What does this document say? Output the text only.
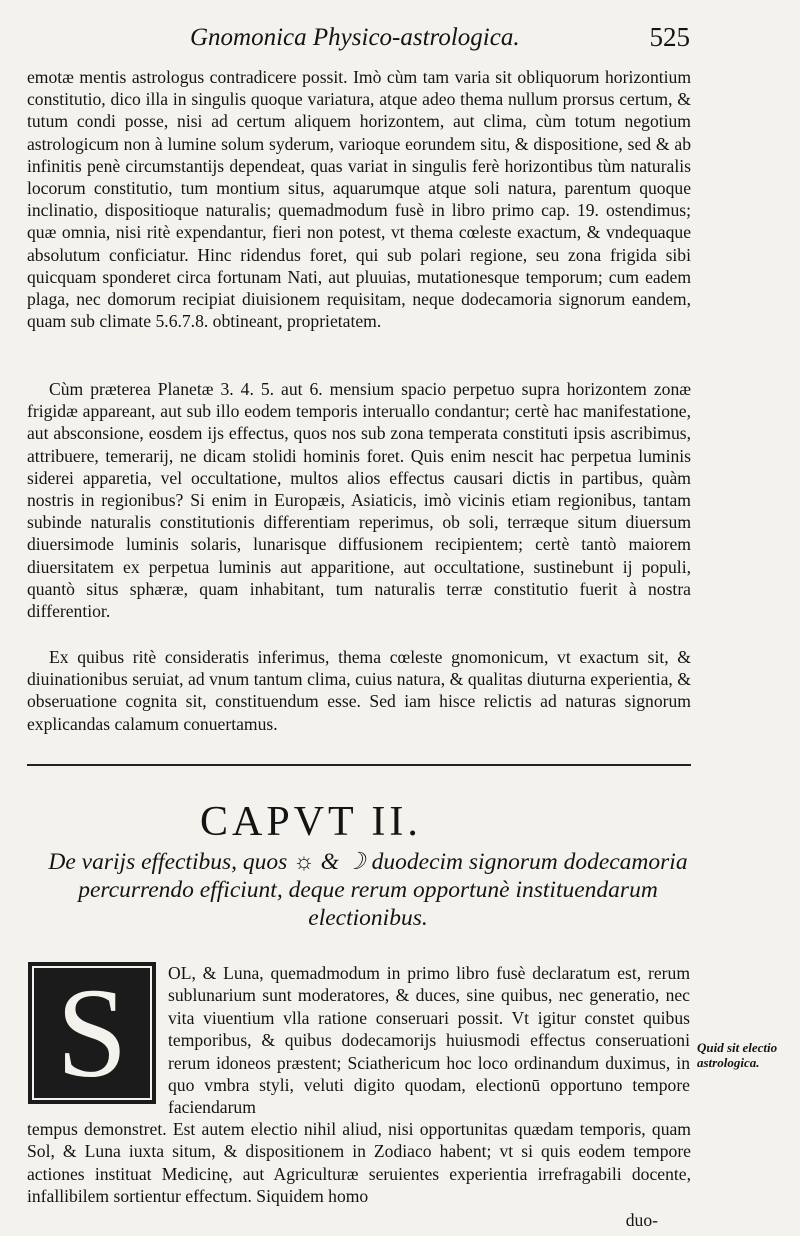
Gnomonica Physico-astrologica.	525

emotæ mentis astrologus contradicere possit. Imò cùm tam varia sit obliquorum horizontium constitutio, dico illa in singulis quoque variatura, atque adeo thema nullum prorsus certum, & tutum condi posse, nisi ad certum aliquem horizontem, aut clima, cùm totum negotium astrologicum non à lumine solum syderum, varioque eorundem situ, & dispositione, sed & ab infinitis penè circumstantijs dependeat, quas variat in singulis ferè horizontibus tùm naturalis locorum constitutio, tum montium situs, aquarumque atque soli natura, parentum quoque inclinatio, dispositioque naturalis; quemadmodum fusè in libro primo cap. 19. ostendimus; quæ omnia, nisi ritè expendantur, fieri non potest, vt thema cœleste exactum, & vndequaque absolutum conficiatur. Hinc ridendus foret, qui sub polari regione, seu zona frigida sibi quicquam sponderet circa fortunam Nati, aut pluuias, mutationesque temporum; cum eadem plaga, nec domorum recipiat diuisionem requisitam, neque dodecamoria signorum eandem, quam sub climate 5.6.7.8. obtineant, proprietatem.

Cùm præterea Planetæ 3. 4. 5. aut 6. mensium spacio perpetuo supra horizontem zonæ frigidæ appareant, aut sub illo eodem temporis interuallo condantur; certè hac manifestatione, aut absconsione, eosdem ijs effectus, quos nos sub zona temperata constituti ipsis ascribimus, attribuere, temerarij, ne dicam stolidi hominis foret. Quis enim nescit hac perpetua luminis siderei apparetia, vel occultatione, multos alios effectus causari dictis in partibus, quàm nostris in regionibus? Si enim in Europæis, Asiaticis, imò vicinis etiam regionibus, tantam subinde naturalis constitutionis differentiam reperimus, ob soli, terræque situm diuersum diuersimode luminis solaris, lunarisque diffusionem recipientem; certè tantò maiorem diuersitatem ex perpetua luminis aut apparitione, aut occultatione, sustinebunt ij populi, quantò situs sphæræ, quam inhabitant, tum naturalis terræ constitutio fuerit à nostra differentior.

Ex quibus ritè consideratis inferimus, thema cœleste gnomonicum, vt exactum sit, & diuinationibus seruiat, ad vnum tantum clima, cuius natura, & qualitas diuturna experientia, & obseruatione cognita sit, constituendum esse. Sed iam hisce relictis ad naturas signorum explicandas calamum conuertamus.

CAPVT II.
De varijs effectibus, quos ☼ & ☽ duodecim signorum dodecamoria percurrendo efficiunt, deque rerum opportunè instituendarum electionibus.
S	OL, & Luna, quemadmodum in primo libro fusè declaratum est, rerum sublunarium sunt moderatores, & duces, sine quibus, nec generatio, nec vita viuentium vlla ratione conseruari possit. Vt igitur constet quibus temporibus, & quibus dodecamorijs huiusmodi effectus conseruationi rerum idoneos præstent; Sciathericum hoc loco ordinandum duximus, in quo vmbra styli, veluti digito quodam, electionū opportuno tempore faciendarum
tempus demonstret. Est autem electio nihil aliud, nisi opportunitas quædam temporis, quam Sol, & Luna iuxta situm, & dispositionem in Zodiaco habent; vt si quis eodem tempore actiones instituat Medicinę, aut Agriculturæ seruientes experientia irrefragabili docente, infallibilem sortientur effectum. Siquidem homo
Quid sit electio astrologica.
duo-
